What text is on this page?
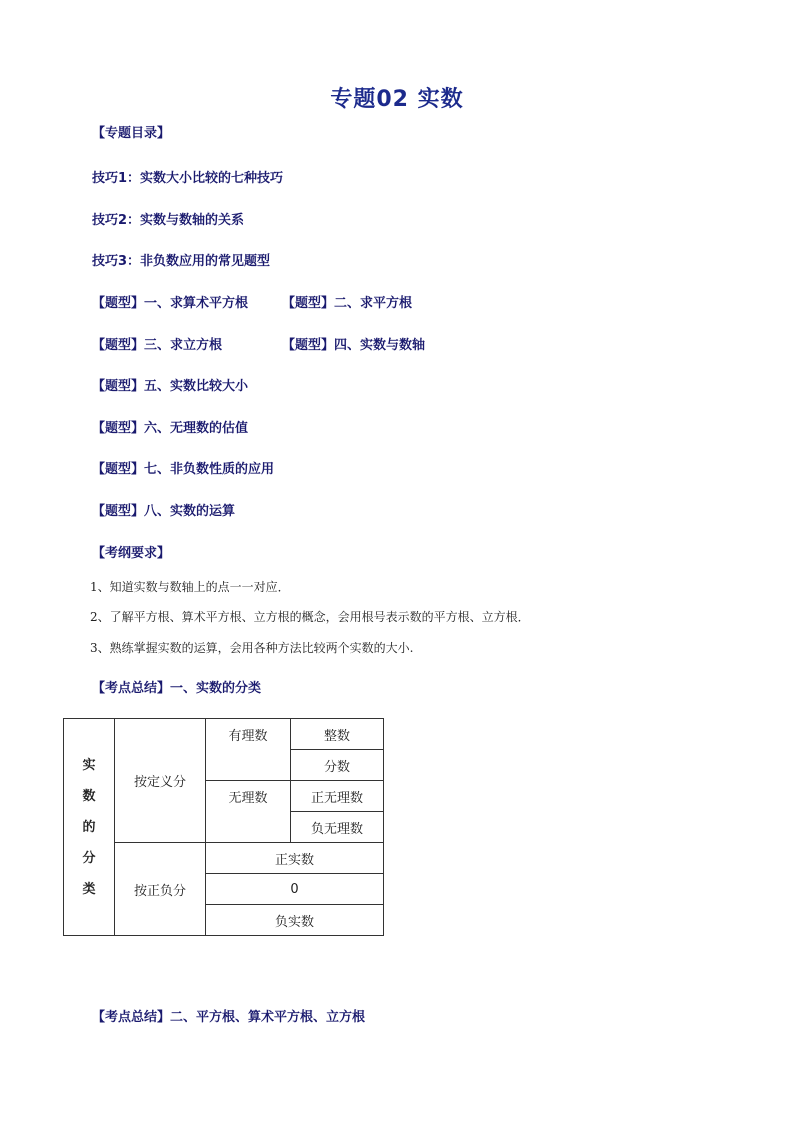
专题02 实数
【专题目录】
技巧1：实数大小比较的七种技巧
技巧2：实数与数轴的关系
技巧3：非负数应用的常见题型
【题型】一、求算术平方根	【题型】二、求平方根
【题型】三、求立方根	【题型】四、实数与数轴
【题型】五、实数比较大小
【题型】六、无理数的估值
【题型】七、非负数性质的应用
【题型】八、实数的运算
【考纲要求】
1、知道实数与数轴上的点一一对应．
2、了解平方根、算术平方根、立方根的概念，会用根号表示数的平方根、立方根．
3、熟练掌握实数的运算，会用各种方法比较两个实数的大小.
【考点总结】一、实数的分类
实
数
的
分
类	按定义分	有理数	整数
			分数
		无理数	正无理数
			负无理数
	按正负分	正实数	
		0	
		负实数	
【考点总结】二、平方根、算术平方根、立方根
